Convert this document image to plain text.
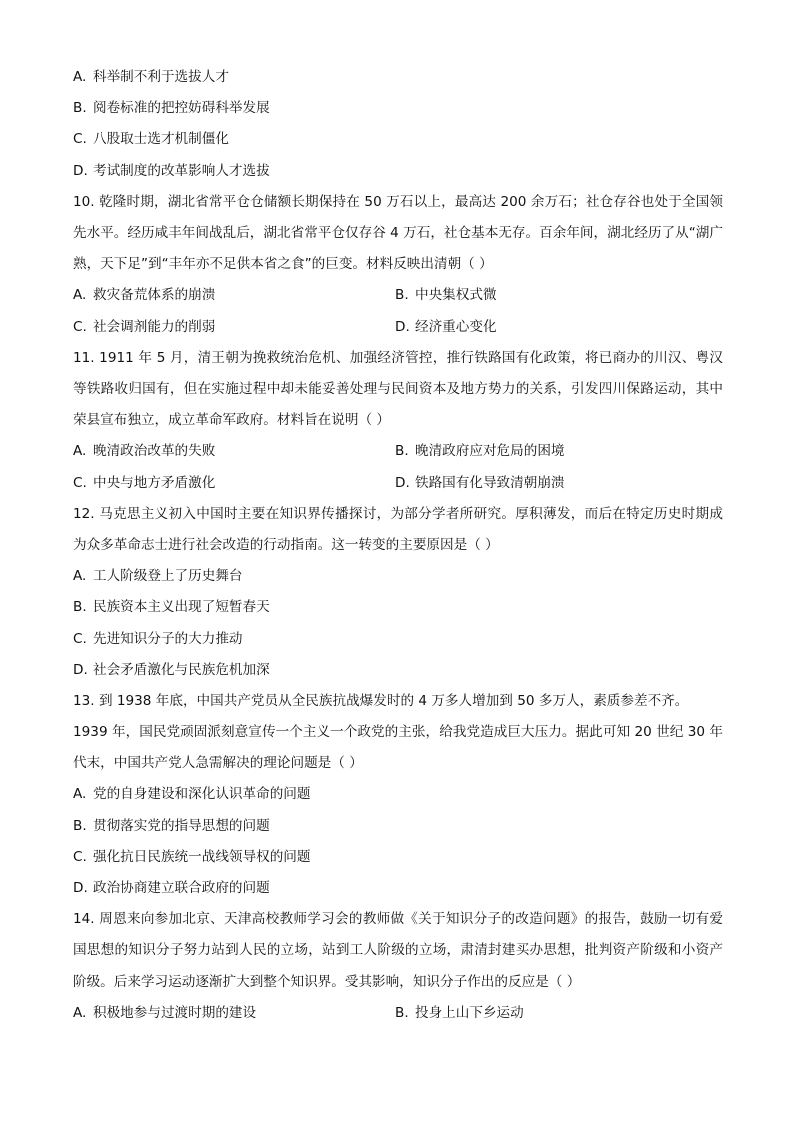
A. 科举制不利于选拔人才
B. 阅卷标准的把控妨碍科举发展
C. 八股取士选才机制僵化
D. 考试制度的改革影响人才选拔
10. 乾隆时期，湖北省常平仓仓储额长期保持在 50 万石以上，最高达 200 余万石；社仓存谷也处于全国领先水平。经历咸丰年间战乱后，湖北省常平仓仅存谷 4 万石，社仓基本无存。百余年间，湖北经历了从“湖广熟，天下足”到“丰年亦不足供本省之食”的巨变。材料反映出清朝（ ）
A. 救灾备荒体系的崩溃	B. 中央集权式微
C. 社会调剂能力的削弱	D. 经济重心变化
11. 1911 年 5 月，清王朝为挽救统治危机、加强经济管控，推行铁路国有化政策，将已商办的川汉、粤汉等铁路收归国有，但在实施过程中却未能妥善处理与民间资本及地方势力的关系，引发四川保路运动，其中荣县宣布独立，成立革命军政府。材料旨在说明（ ）
A. 晚清政治改革的失败	B. 晚清政府应对危局的困境
C. 中央与地方矛盾激化	D. 铁路国有化导致清朝崩溃
12. 马克思主义初入中国时主要在知识界传播探讨，为部分学者所研究。厚积薄发，而后在特定历史时期成为众多革命志士进行社会改造的行动指南。这一转变的主要原因是（ ）
A. 工人阶级登上了历史舞台
B. 民族资本主义出现了短暂春天
C. 先进知识分子的大力推动
D. 社会矛盾激化与民族危机加深
13. 到 1938 年底，中国共产党员从全民族抗战爆发时的 4 万多人增加到 50 多万人，素质参差不齐。
1939 年，国民党顽固派刻意宣传一个主义一个政党的主张，给我党造成巨大压力。据此可知 20 世纪 30 年代末，中国共产党人急需解决的理论问题是（ ）
A. 党的自身建设和深化认识革命的问题
B. 贯彻落实党的指导思想的问题
C. 强化抗日民族统一战线领导权的问题
D. 政治协商建立联合政府的问题
14. 周恩来向参加北京、天津高校教师学习会的教师做《关于知识分子的改造问题》的报告，鼓励一切有爱国思想的知识分子努力站到人民的立场，站到工人阶级的立场，肃清封建买办思想，批判资产阶级和小资产阶级。后来学习运动逐渐扩大到整个知识界。受其影响，知识分子作出的反应是（ ）
A. 积极地参与过渡时期的建设	B. 投身上山下乡运动
